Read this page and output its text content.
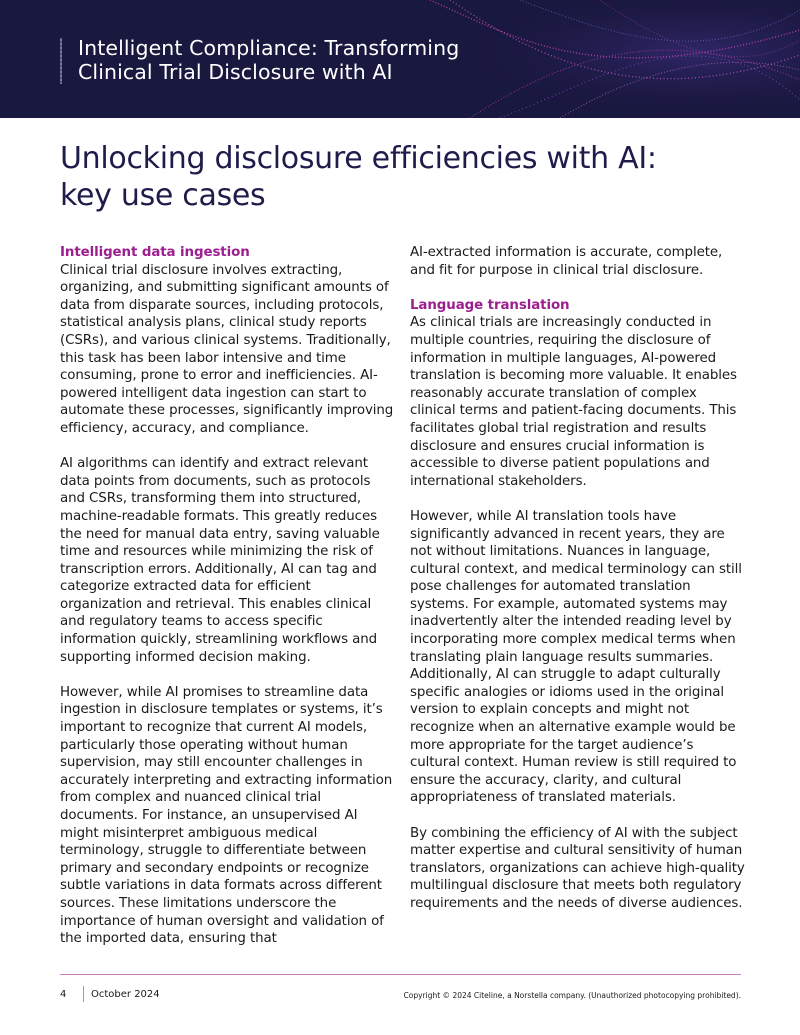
Intelligent Compliance: Transforming
Clinical Trial Disclosure with AI
Unlocking disclosure efficiencies with AI:
key use cases
Intelligent data ingestion

Clinical trial disclosure involves extracting, organizing, and submitting significant amounts of data from disparate sources, including protocols, statistical analysis plans, clinical study reports (CSRs), and various clinical systems. Traditionally, this task has been labor intensive and time consuming, prone to error and inefficiencies. AI-powered intelligent data ingestion can start to automate these processes, significantly improving efficiency, accuracy, and compliance.

AI algorithms can identify and extract relevant data points from documents, such as protocols and CSRs, transforming them into structured, machine-readable formats. This greatly reduces the need for manual data entry, saving valuable time and resources while minimizing the risk of transcription errors. Additionally, AI can tag and categorize extracted data for efficient organization and retrieval. This enables clinical and regulatory teams to access specific information quickly, streamlining workflows and supporting informed decision making.

However, while AI promises to streamline data ingestion in disclosure templates or systems, it’s important to recognize that current AI models, particularly those operating without human supervision, may still encounter challenges in accurately interpreting and extracting information from complex and nuanced clinical trial documents. For instance, an unsupervised AI might misinterpret ambiguous medical terminology, struggle to differentiate between primary and secondary endpoints or recognize subtle variations in data formats across different sources. These limitations underscore the importance of human oversight and validation of the imported data, ensuring that

AI-extracted information is accurate, complete, and fit for purpose in clinical trial disclosure.

Language translation

As clinical trials are increasingly conducted in multiple countries, requiring the disclosure of information in multiple languages, AI-powered translation is becoming more valuable. It enables reasonably accurate translation of complex clinical terms and patient-facing documents. This facilitates global trial registration and results disclosure and ensures crucial information is accessible to diverse patient populations and international stakeholders.

However, while AI translation tools have significantly advanced in recent years, they are not without limitations. Nuances in language, cultural context, and medical terminology can still pose challenges for automated translation systems. For example, automated systems may inadvertently alter the intended reading level by incorporating more complex medical terms when translating plain language results summaries. Additionally, AI can struggle to adapt culturally specific analogies or idioms used in the original version to explain concepts and might not recognize when an alternative example would be more appropriate for the target audience’s cultural context. Human review is still required to ensure the accuracy, clarity, and cultural appropriateness of translated materials.

By combining the efficiency of AI with the subject matter expertise and cultural sensitivity of human translators, organizations can achieve high-quality multilingual disclosure that meets both regulatory requirements and the needs of diverse audiences.

4 October 2024	Copyright © 2024 Citeline, a Norstella company. (Unauthorized photocopying prohibited).
